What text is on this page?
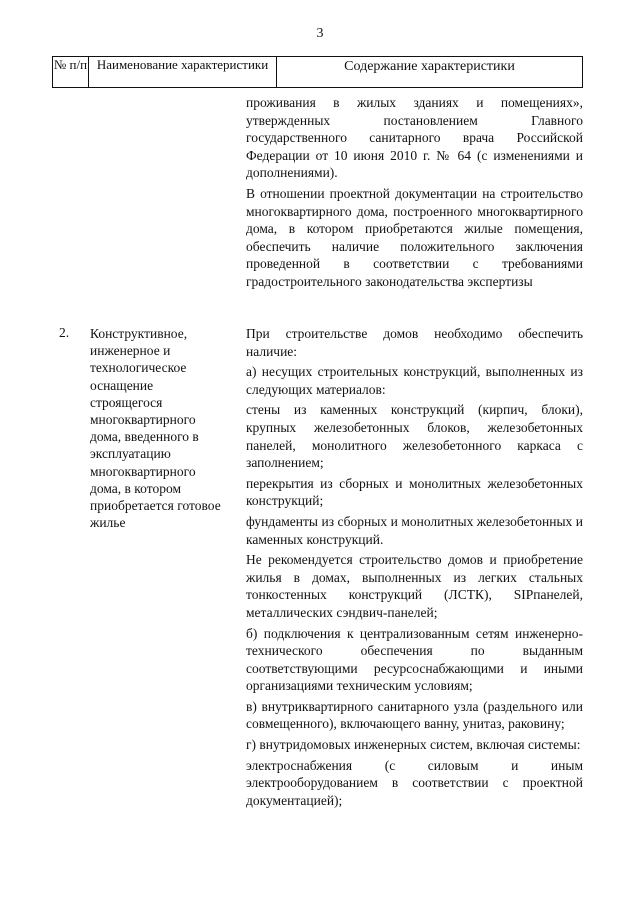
3
№ п/п Наименование характеристики	Содержание характеристики

проживания в жилых зданиях и помещениях», утвержденных постановлением Главного государственного санитарного врача Российской Федерации от 10 июня 2010 г. № 64 (с изменениями и дополнениями).

В отношении проектной документации на строительство многоквартирного дома, построенного многоквартирного дома, в котором приобретаются жилые помещения, обеспечить наличие положительного заключения проведенной в соответствии с требованиями градостроительного законодательства экспертизы

2.	Конструктивное, инженерное и технологическое оснащение строящегося многоквартирного дома, введенного в эксплуатацию многоквартирного дома, в котором приобретается готовое жилье

При строительстве домов необходимо обеспечить наличие:

а) несущих строительных конструкций, выполненных из следующих материалов:

стены из каменных конструкций (кирпич, блоки), крупных железобетонных блоков, железобетонных панелей, монолитного железобетонного каркаса с заполнением;

перекрытия из сборных и монолитных железобетонных конструкций;

фундаменты из сборных и монолитных железобетонных и каменных конструкций.

Не рекомендуется строительство домов и приобретение жилья в домах, выполненных из легких стальных тонкостенных конструкций (ЛСТК), SIPпанелей, металлических сэндвич-панелей;

б) подключения к централизованным сетям инженерно-технического обеспечения по выданным соответствующими ресурсоснабжающими и иными организациями техническим условиям;

в) внутриквартирного санитарного узла (раздельного или совмещенного), включающего ванну, унитаз, раковину;

г) внутридомовых инженерных систем, включая системы:

электроснабжения (с силовым и иным электрооборудованием в соответствии с проектной документацией);
